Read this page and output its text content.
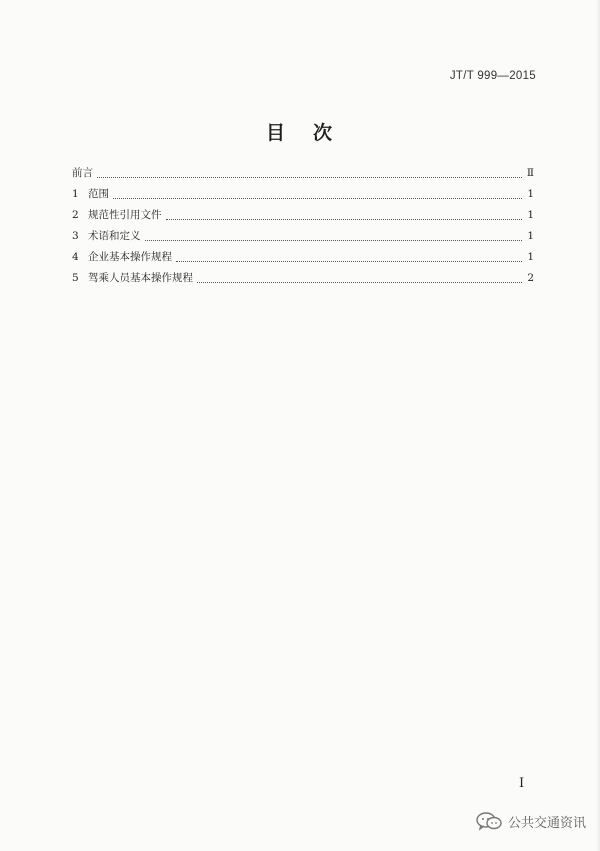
JT/T 999—2015
目 次
前言	Ⅱ
1 范围	1
2 规范性引用文件	1
3 术语和定义	1
4 企业基本操作规程	1
5 驾乘人员基本操作规程	2
I
公共交通资讯
